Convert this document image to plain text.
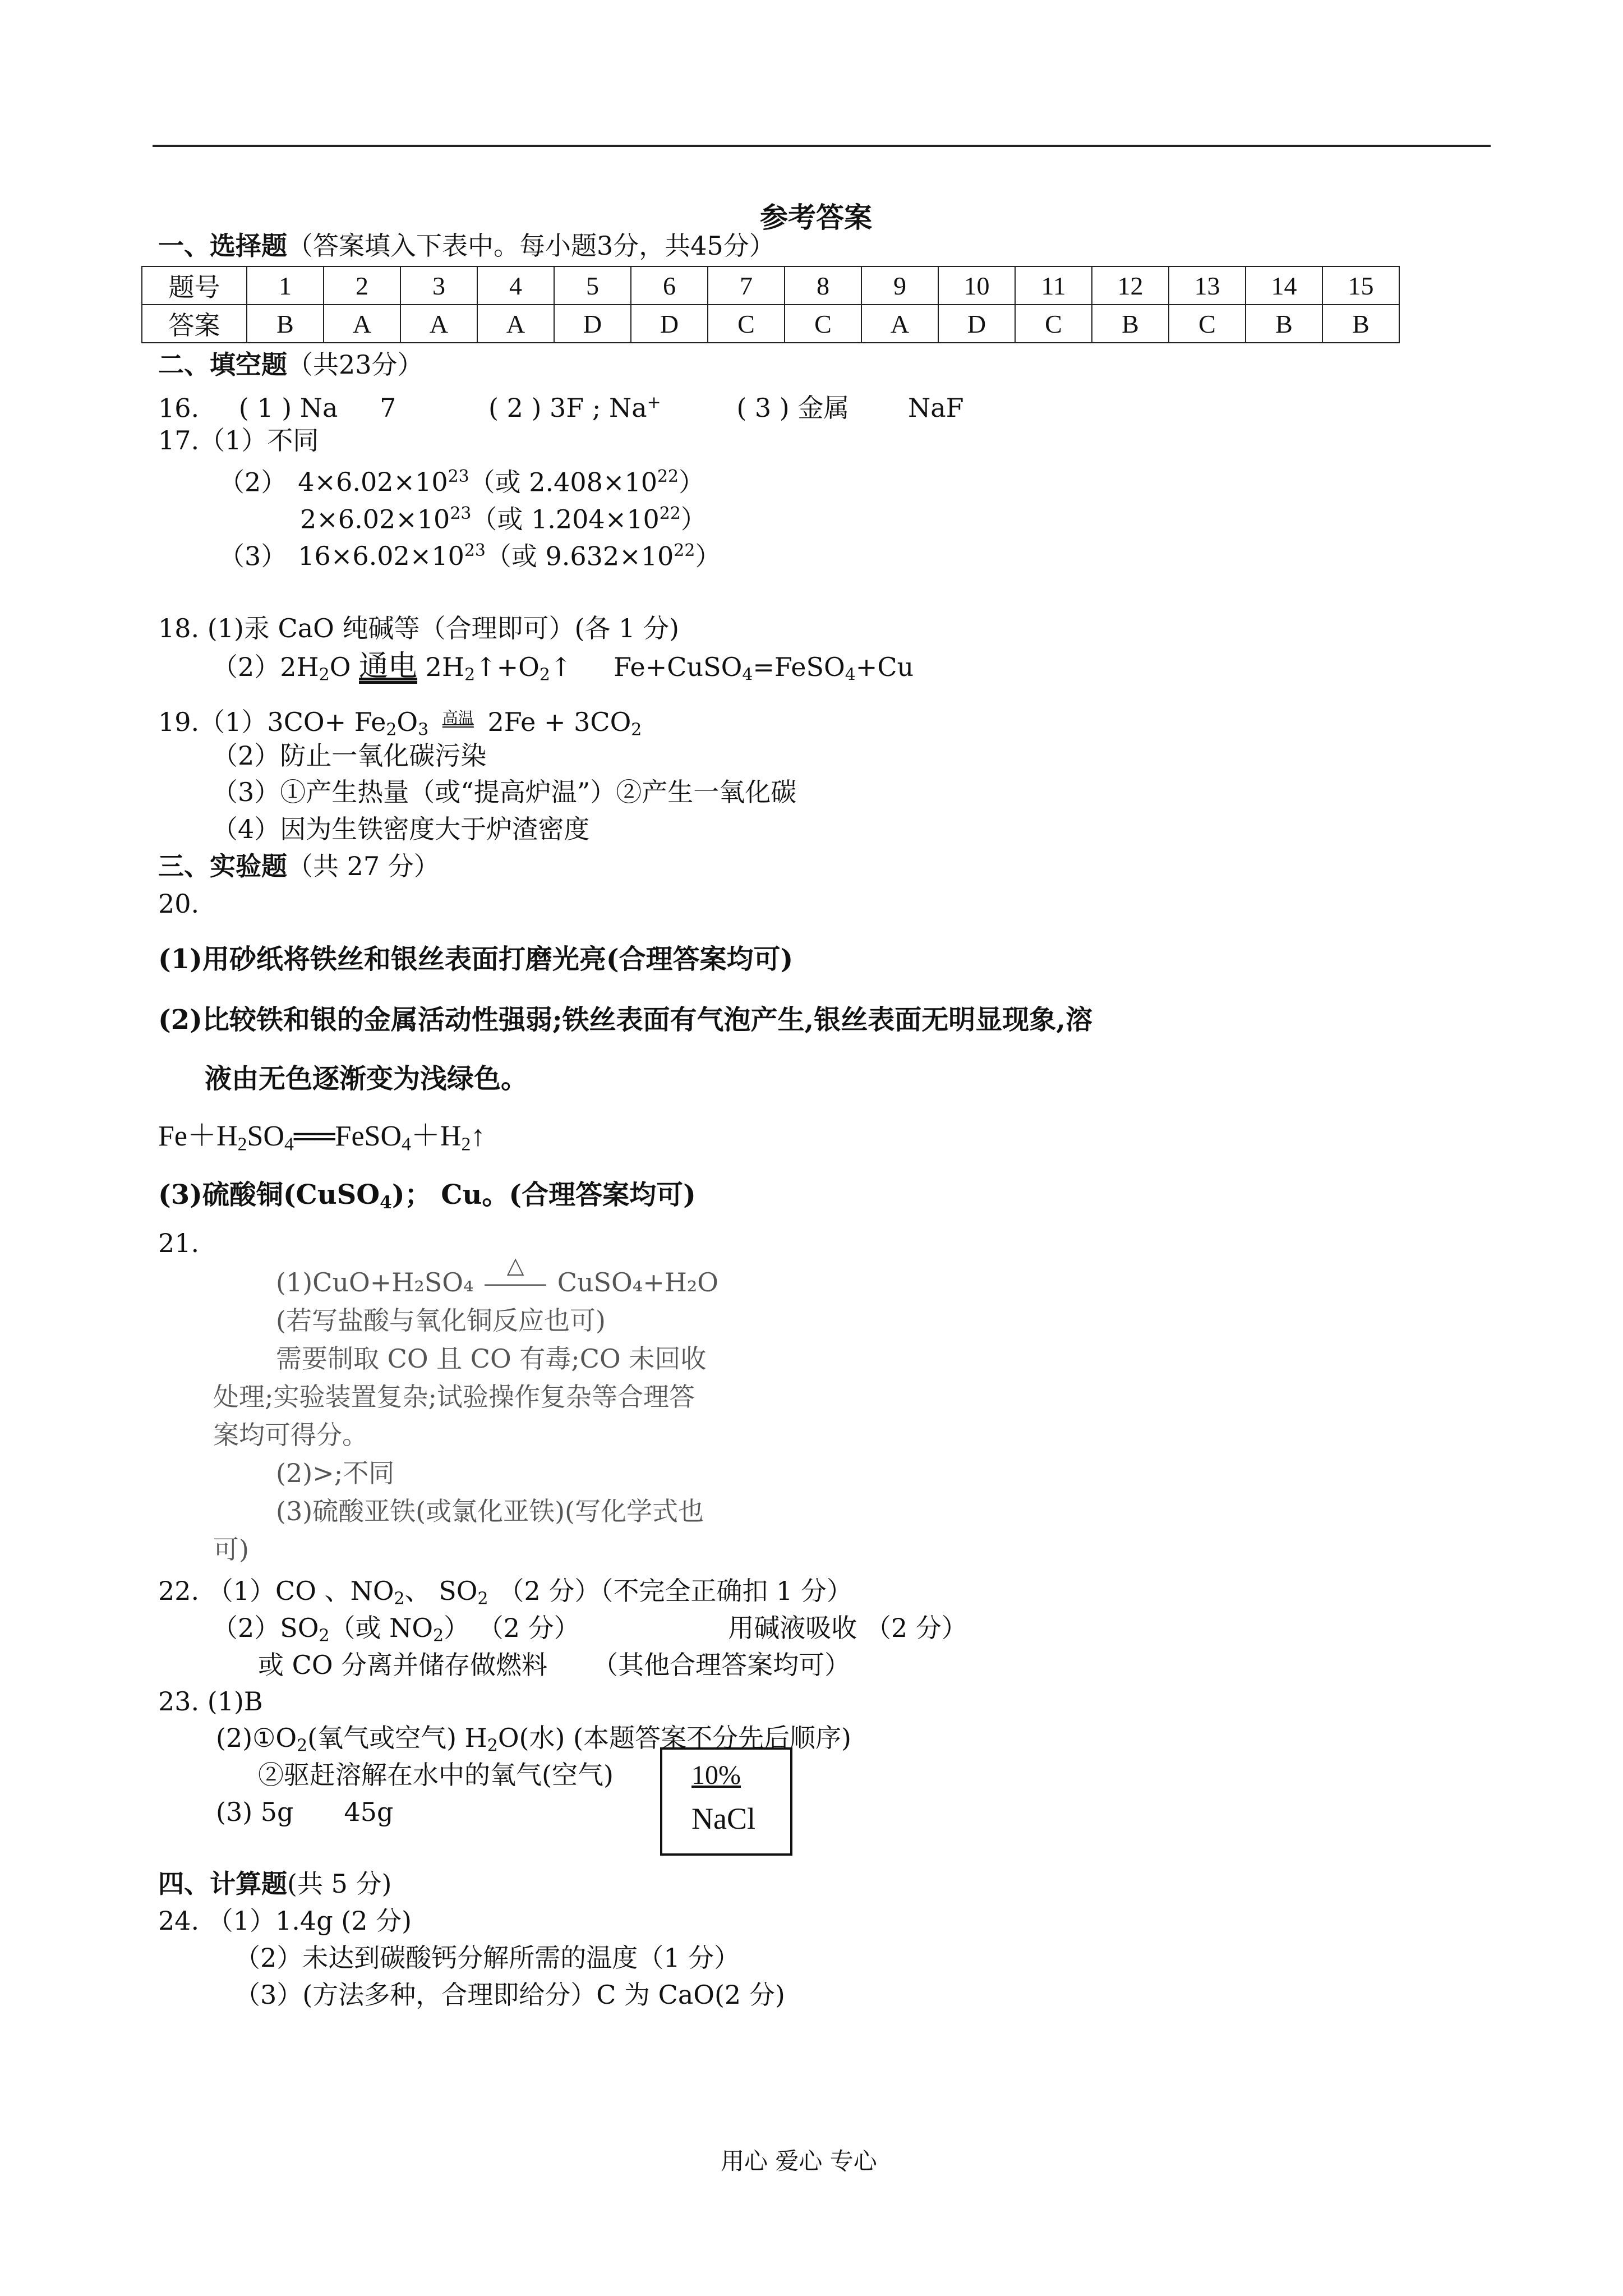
参考答案
一、选择题（答案填入下表中。每小题3分，共45分）
题号	1	2	3	4	5	6	7	8	9	10	11	12	13	14	15
答案	B	A	A	A	D	D	C	C	A	D	C	B	C	B	B
二、填空题（共23分）
16. ( 1 ) Na 7	( 2 ) 3F ; Na+	( 3 ) 金属 NaF
17.（1）不同
（2） $4\times 6.02\times 10^{23}$（或 $2.408\times 10^{22}$）
$2\times 6.02\times 10^{23}$（或 $1.204\times 10^{22}$）
（3） $16\times 6.02\times 10^{23}$（或 $9.632\times 10^{22}$）
18. (1)汞 CaO 纯碱等（合理即可）(各 1 分)
$(2)2H_2O$ 通电 $2H_2↑+O_2↑$ Fe+CuSO$_4$=FeSO$_4$+Cu
$19.(1)3CO+ Fe_2O_3$ 高温 $2Fe + 3CO_2$
（2）防止一氧化碳污染
（3）①产生热量（或“提高炉温”）②产生一氧化碳
（4）因为生铁密度大于炉渣密度
三、实验题（共 27 分）
20.
(1)用砂纸将铁丝和银丝表面打磨光亮(合理答案均可)
(2)比较铁和银的金属活动性强弱;铁丝表面有气泡产生,银丝表面无明显现象,溶
液由无色逐渐变为浅绿色。
$Fe+H_2SO_4══FeSO_4+H_2↑$
(3)硫酸铜(CuSO$_4$)； Cu。(合理答案均可)
21.
(1)CuO+H₂SO₄
△
CuSO₄+H₂O
(若写盐酸与氧化铜反应也可)
需要制取 CO 且 CO 有毒;CO 未回收
处理;实验装置复杂;试验操作复杂等合理答
案均可得分。
(2)>;不同
(3)硫酸亚铁(或氯化亚铁)(写化学式也
可)
22. （1）CO 、$NO_2$、 $SO_2$ （2 分）（不完全正确扣 1 分）
$(2)SO_2$（或 $NO_2$） （2 分）	用碱液吸收 （2 分）
或 CO 分离并储存做燃料 （其他合理答案均可）
23. (1)B
$(2)①O_2$(氧气或空气) $H_2O$(水) (本题答案不分先后顺序)
②驱赶溶解在水中的氧气(空气)
(3) 5g 45g
10%
NaCl
四、计算题(共 5 分)
24. （1）1.4g (2 分)
（2）未达到碳酸钙分解所需的温度（1 分）
（3）(方法多种，合理即给分）C 为 CaO(2 分)
用心 爱心 专心
